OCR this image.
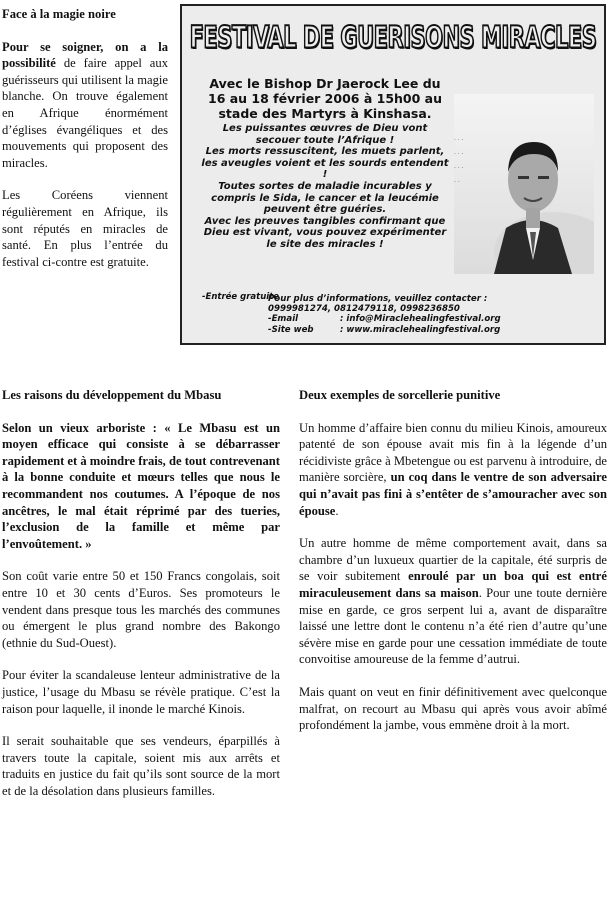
Face à la magie noire

Pour se soigner, on a la possibilité de faire appel aux guérisseurs qui utilisent la magie blanche. On trouve également en Afrique énormément d’églises évangéliques et des mouvements qui proposent des miracles.

Les Coréens viennent régulièrement en Afrique, ils sont réputés en miracles de santé. En plus l’entrée du festival ci-contre est gratuite.

FESTIVAL DE GUERISONS MIRACLES
· · ·
· · ·
· · ·
· ·
Avec le Bishop Dr Jaerock Lee du 16 au 18 février 2006 à 15h00 au stade des Martyrs à Kinshasa.
Les puissantes œuvres de Dieu vont secouer toute l’Afrique !
Les morts ressuscitent, les muets parlent, les aveugles voient et les sourds entendent !
Toutes sortes de maladie incurables y compris le Sida, le cancer et la leucémie peuvent être guéries.
Avec les preuves tangibles confirmant que Dieu est vivant, vous pouvez expérimenter le site des miracles !
-Entrée gratuite
Pour plus d’informations, veuillez contacter :
0999981274, 0812479118, 0998236850
-Email	: info@Miraclehealingfestival.org
-Site web	: www.miraclehealingfestival.org
Les raisons du développement du Mbasu

Selon un vieux arboriste : « Le Mbasu est un moyen efficace qui consiste à se débarrasser rapidement et à moindre frais, de tout contrevenant à la bonne conduite et mœurs telles que nous le recommandent nos coutumes. A l’époque de nos ancêtres, le mal était réprimé par des tueries, l’exclusion de la famille et même par l’envoûtement. »

Son coût varie entre 50 et 150 Francs congolais, soit entre 10 et 30 cents d’Euros. Ses promoteurs le vendent dans presque tous les marchés des communes ou émergent le plus grand nombre des Bakongo (ethnie du Sud-Ouest).

Pour éviter la scandaleuse lenteur administrative de la justice, l’usage du Mbasu se révèle pratique. C’est la raison pour laquelle, il inonde le marché Kinois.

Il serait souhaitable que ses vendeurs, éparpillés à travers toute la capitale, soient mis aux arrêts et traduits en justice du fait qu’ils sont source de la mort et de la désolation dans plusieurs familles.

Deux exemples de sorcellerie punitive

Un homme d’affaire bien connu du milieu Kinois, amoureux patenté de son épouse avait mis fin à la légende d’un récidiviste grâce à Mbetengue ou est parvenu à introduire, de manière sorcière, un coq dans le ventre de son adversaire qui n’avait pas fini à s’entêter de s’amouracher avec son épouse.

Un autre homme de même comportement avait, dans sa chambre d’un luxueux quartier de la capitale, été surpris de se voir subitement enroulé par un boa qui est entré miraculeusement dans sa maison. Pour une toute dernière mise en garde, ce gros serpent lui a, avant de disparaître laissé une lettre dont le contenu n’a été rien d’autre qu’une sévère mise en garde pour une cessation immédiate de toute convoitise amoureuse de la femme d’autrui.

Mais quant on veut en finir définitivement avec quelconque malfrat, on recourt au Mbasu qui après vous avoir abîmé profondément la jambe, vous emmène droit à la mort.
